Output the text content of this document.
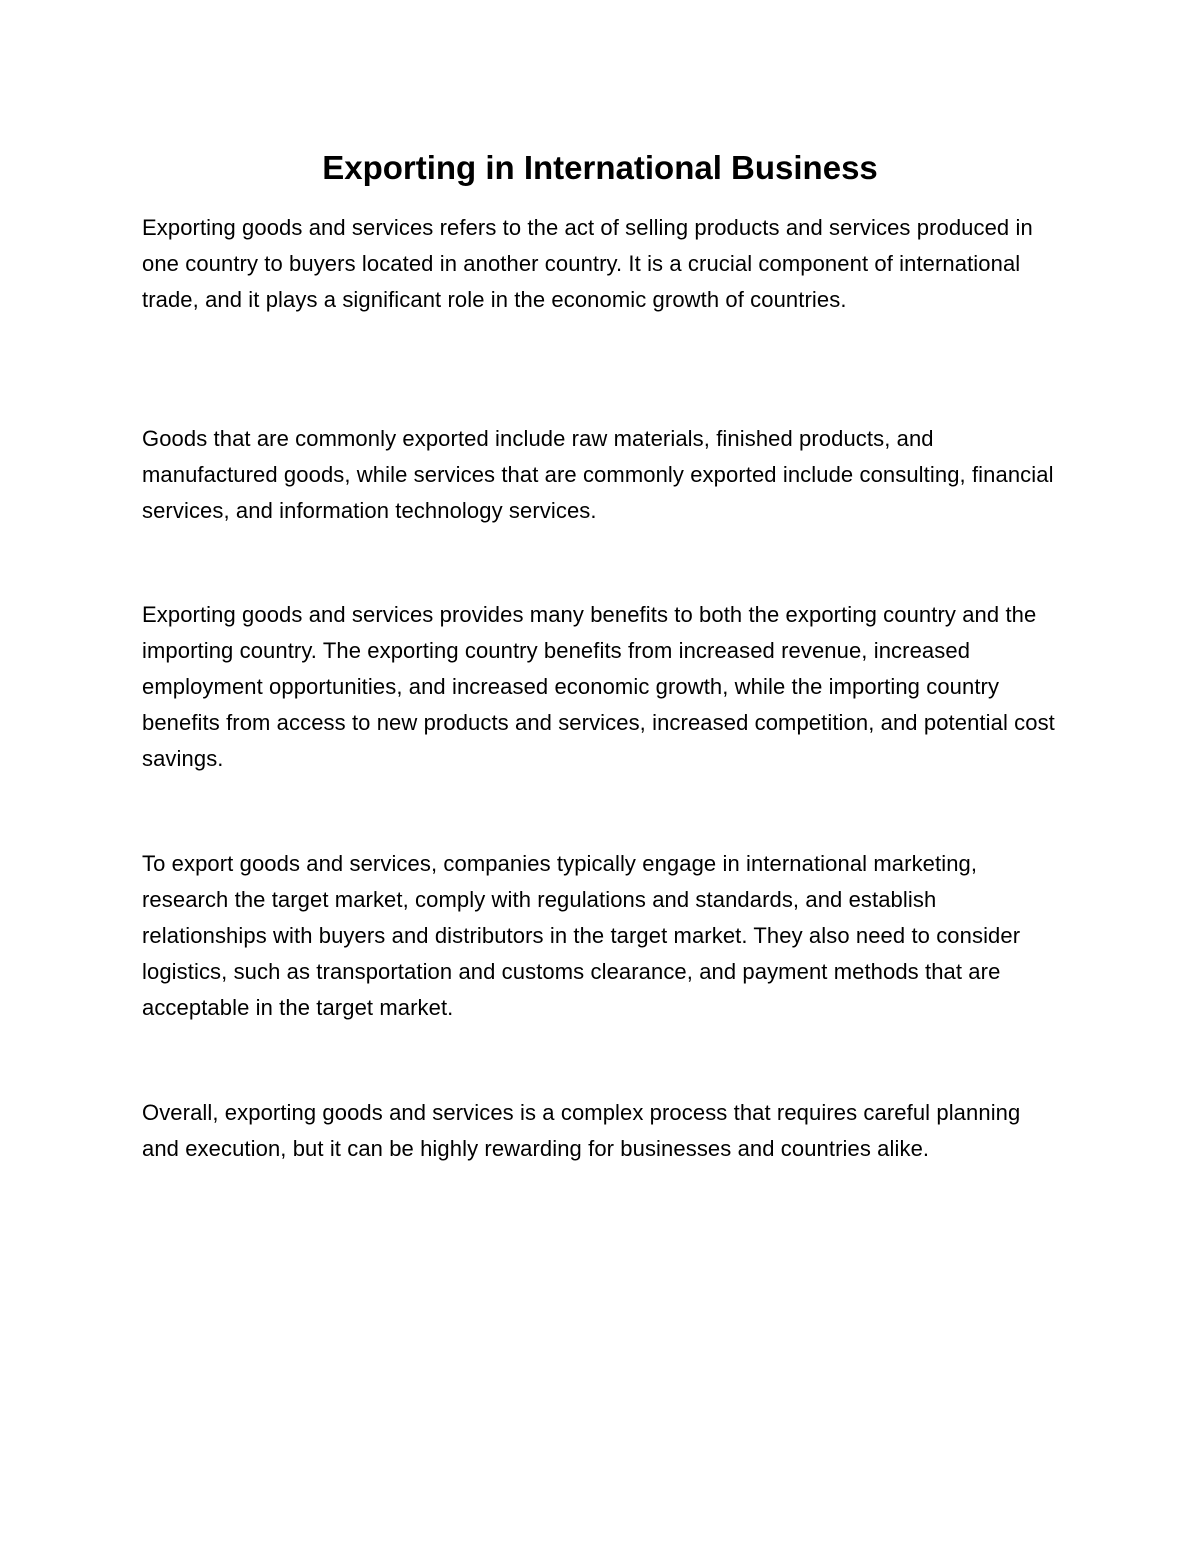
Exporting in International Business

Exporting goods and services refers to the act of selling products and services produced in one country to buyers located in another country. It is a crucial component of international trade, and it plays a significant role in the economic growth of countries.

Goods that are commonly exported include raw materials, finished products, and manufactured goods, while services that are commonly exported include consulting, financial services, and information technology services.

Exporting goods and services provides many benefits to both the exporting country and the importing country. The exporting country benefits from increased revenue, increased employment opportunities, and increased economic growth, while the importing country benefits from access to new products and services, increased competition, and potential cost savings.

To export goods and services, companies typically engage in international marketing, research the target market, comply with regulations and standards, and establish relationships with buyers and distributors in the target market. They also need to consider logistics, such as transportation and customs clearance, and payment methods that are acceptable in the target market.

Overall, exporting goods and services is a complex process that requires careful planning and execution, but it can be highly rewarding for businesses and countries alike.
